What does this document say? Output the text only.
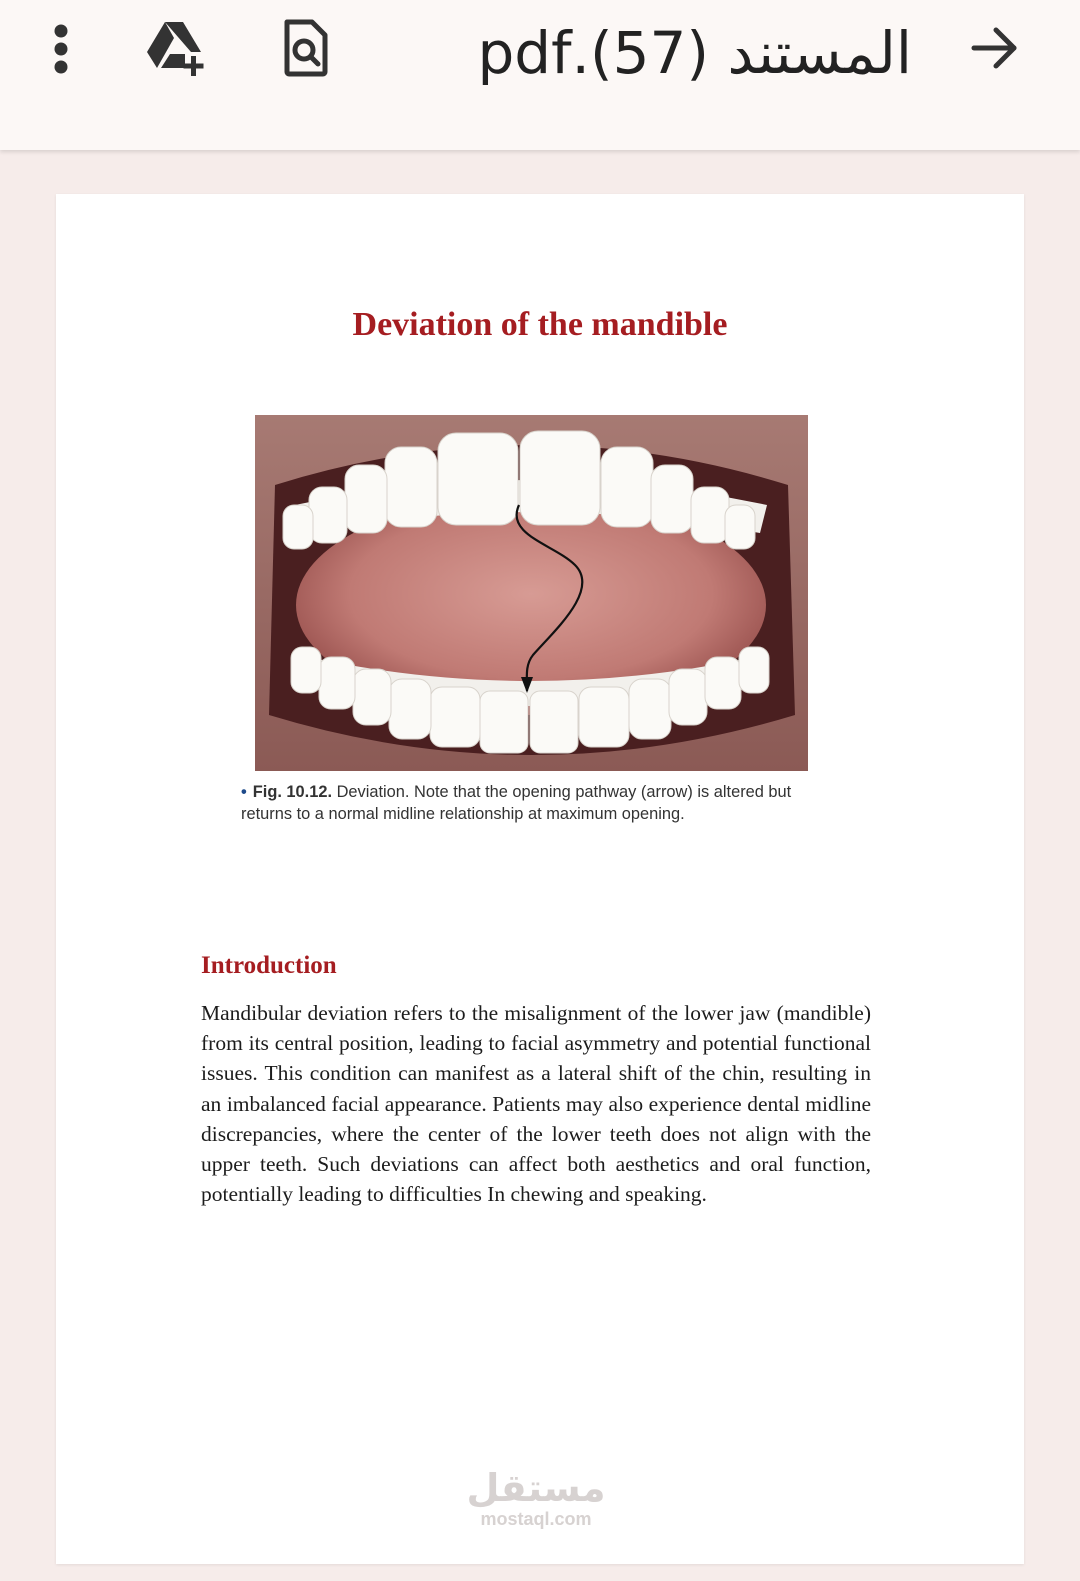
المستند (57).pdf
Deviation of the mandible
• Fig. 10.12. Deviation. Note that the opening pathway (arrow) is altered but returns to a normal midline relationship at maximum opening.
Introduction
Mandibular deviation refers to the misalignment of the lower jaw (mandible) from its central position, leading to facial asymmetry and potential functional issues. This condition can manifest as a lateral shift of the chin, resulting in an imbalanced facial appearance. Patients may also experience dental midline discrepancies, where the center of the lower teeth does not align with the upper teeth. Such deviations can affect both aesthetics and oral function, potentially leading to difficulties In chewing and speaking.
مستقل
mostaql.com
